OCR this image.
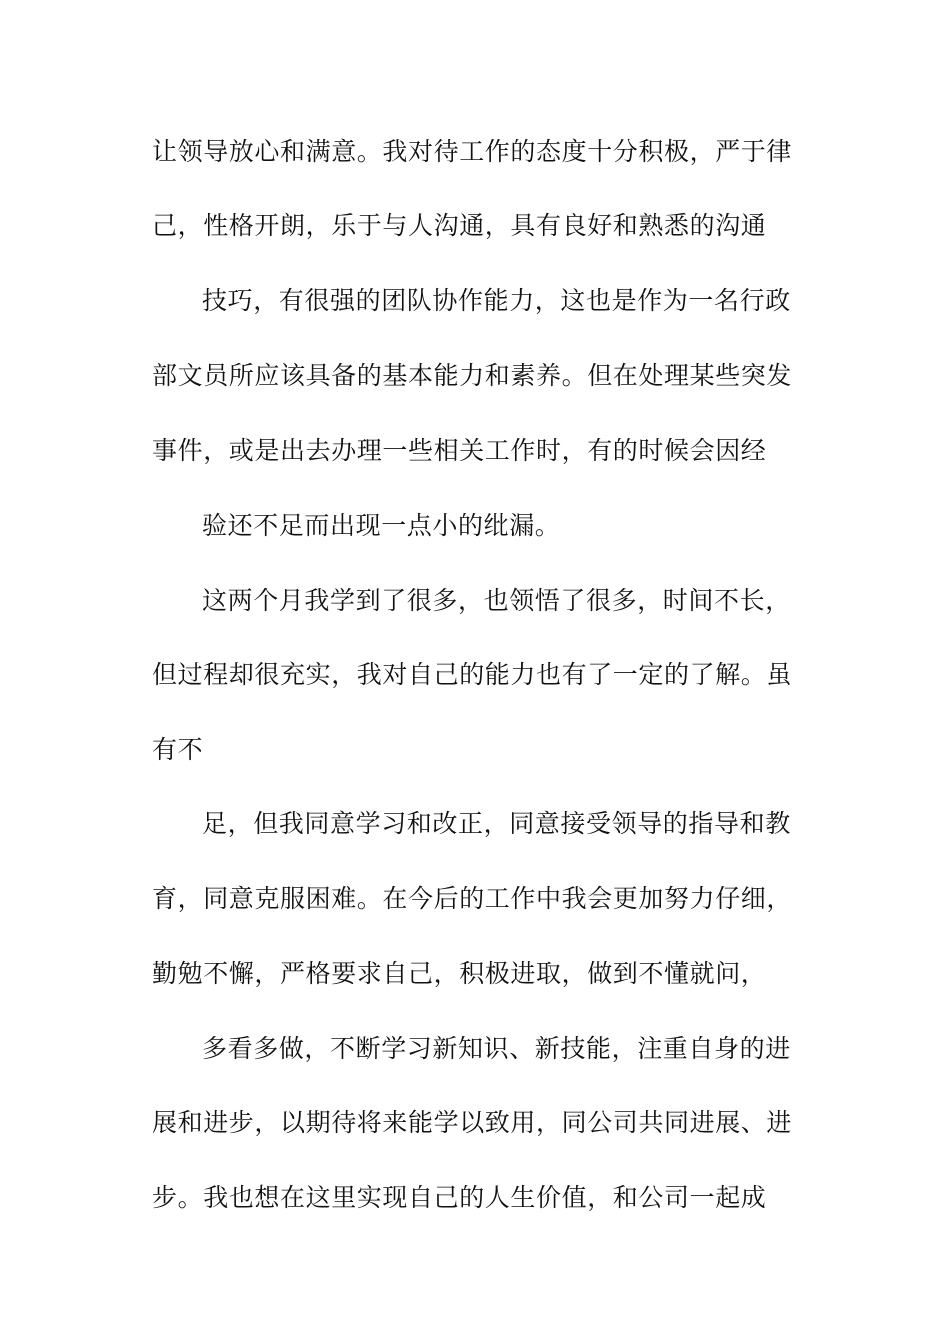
让领导放心和满意。我对待工作的态度十分积极，严于律
己，性格开朗，乐于与人沟通，具有良好和熟悉的沟通
技巧，有很强的团队协作能力，这也是作为一名行政
部文员所应该具备的基本能力和素养。但在处理某些突发
事件，或是出去办理一些相关工作时，有的时候会因经
验还不足而出现一点小的纰漏。
这两个月我学到了很多，也领悟了很多，时间不长，
但过程却很充实，我对自己的能力也有了一定的了解。虽
有不
足，但我同意学习和改正，同意接受领导的指导和教
育，同意克服困难。在今后的工作中我会更加努力仔细，
勤勉不懈，严格要求自己，积极进取，做到不懂就问，
多看多做，不断学习新知识、新技能，注重自身的进
展和进步，以期待将来能学以致用，同公司共同进展、进
步。我也想在这里实现自己的人生价值，和公司一起成
